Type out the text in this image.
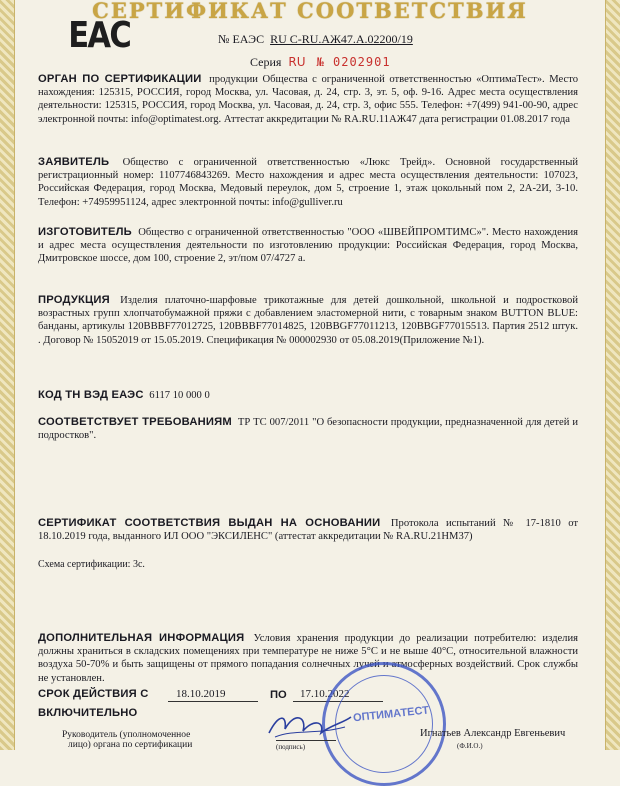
СЕРТИФИКАТ СООТВЕТСТВИЯ
EAC	№ ЕАЭС RU С-RU.АЖ47.А.02200/19
Серия RU № 0202901
ОРГАН ПО СЕРТИФИКАЦИИ продукции Общества с ограниченной ответственностью «ОптимаТест». Место нахождения: 125315, РОССИЯ, город Москва, ул. Часовая, д. 24, стр. 3, эт. 5, оф. 9-16. Адрес места осуществления деятельности: 125315, РОССИЯ, город Москва, ул. Часовая, д. 24, стр. 3, офис 555. Телефон: +7(499) 941-00-90, адрес электронной почты: info@optimatest.org. Аттестат аккредитации № RA.RU.11АЖ47 дата регистрации 01.08.2017 года
ЗАЯВИТЕЛЬ Общество с ограниченной ответственностью «Люкс Трейд». Основной государственный регистрационный номер: 1107746843269. Место нахождения и адрес места осуществления деятельности: 107023, Российская Федерация, город Москва, Медовый переулок, дом 5, строение 1, этаж цокольный пом 2, 2А-2И, 3-10. Телефон: +74959951124, адрес электронной почты: info@gulliver.ru
ИЗГОТОВИТЕЛЬ Общество с ограниченной ответственностью "ООО «ШВЕЙПРОМТИМС»". Место нахождения и адрес места осуществления деятельности по изготовлению продукции: Российская Федерация, город Москва, Дмитровское шоссе, дом 100, строение 2, эт/пом 07/4727 а.
ПРОДУКЦИЯ Изделия платочно-шарфовые трикотажные для детей дошкольной, школьной и подростковой возрастных групп хлопчатобумажной пряжи с добавлением эластомерной нити, с товарным знаком BUTTON BLUE: банданы, артикулы 120BBBF77012725, 120BBBF77014825, 120BBGF77011213, 120BBGF77015513. Партия 2512 штук. . Договор № 15052019 от 15.05.2019. Спецификация № 000002930 от 05.08.2019(Приложение №1).
КОД ТН ВЭД ЕАЭС 6117 10 000 0
СООТВЕТСТВУЕТ ТРЕБОВАНИЯМ ТР ТС 007/2011 "О безопасности продукции, предназначенной для детей и подростков".
СЕРТИФИКАТ СООТВЕТСТВИЯ ВЫДАН НА ОСНОВАНИИ Протокола испытаний № 17-1810 от 18.10.2019 года, выданного ИЛ ООО "ЭКСИЛЕНС" (аттестат аккредитации № RA.RU.21НМ37)
Схема сертификации: 3с.
ДОПОЛНИТЕЛЬНАЯ ИНФОРМАЦИЯ Условия хранения продукции до реализации потребителю: изделия должны храниться в складских помещениях при температуре не ниже 5°С и не выше 40°С, относительной влажности воздуха 50-70% и быть защищены от прямого попадания солнечных лучей и атмосферных воздействий. Срок службы не установлен.
СРОК ДЕЙСТВИЯ С	18.10.2019	ПО 17.10.2022
ВКЛЮЧИТЕЛЬНО	ОПТИМАТЕСТ
Руководитель (уполномоченное
лицо) органа по сертификации	(подпись)
Игнатьев Александр Евгеньевич
(Ф.И.О.)
